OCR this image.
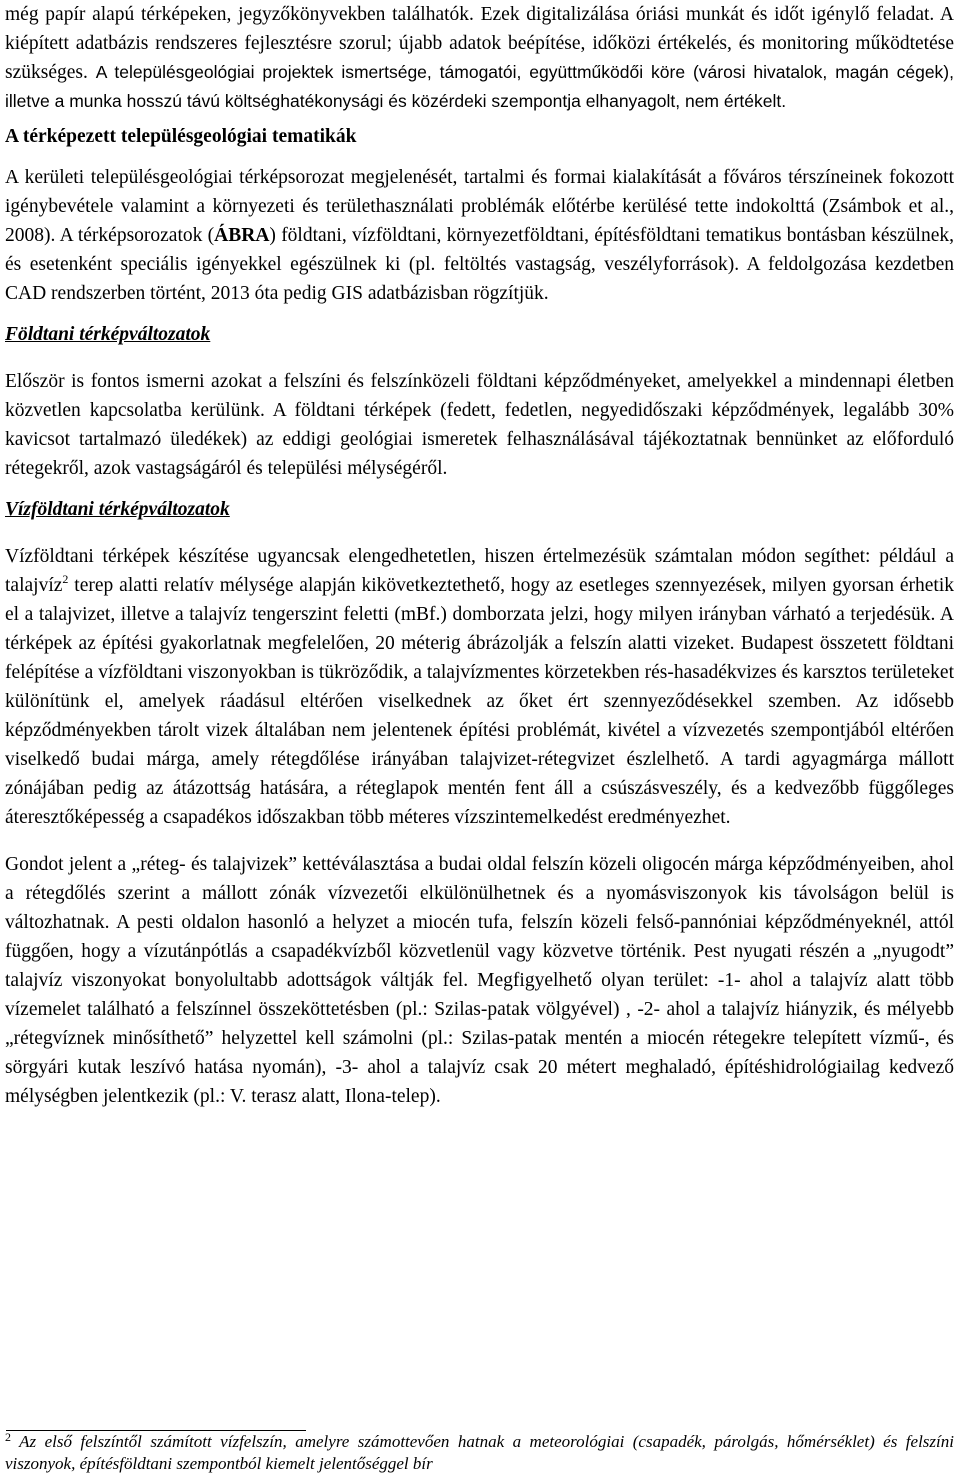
még papír alapú térképeken, jegyzőkönyvekben találhatók. Ezek digitalizálása óriási munkát és időt igénylő feladat. A kiépített adatbázis rendszeres fejlesztésre szorul; újabb adatok beépítése, időközi értékelés, és monitoring működtetése szükséges. A településgeológiai projektek ismertsége, támogatói, együttműködői köre (városi hivatalok, magán cégek), illetve a munka hosszú távú költséghatékonysági és közérdeki szempontja elhanyagolt, nem értékelt.

A térképezett településgeológiai tematikák

A kerületi településgeológiai térképsorozat megjelenését, tartalmi és formai kialakítását a főváros térszíneinek fokozott igénybevétele valamint a környezeti és területhasználati problémák előtérbe kerülésé tette indokolttá (Zsámbok et al., 2008). A térképsorozatok (ÁBRA) földtani, vízföldtani, környezetföldtani, építésföldtani tematikus bontásban készülnek, és esetenként speciális igényekkel egészülnek ki (pl. feltöltés vastagság, veszélyforrások). A feldolgozása kezdetben CAD rendszerben történt, 2013 óta pedig GIS adatbázisban rögzítjük.

Földtani térképváltozatok

Először is fontos ismerni azokat a felszíni és felszínközeli földtani képződményeket, amelyekkel a mindennapi életben közvetlen kapcsolatba kerülünk. A földtani térképek (fedett, fedetlen, negyedidőszaki képződmények, legalább 30% kavicsot tartalmazó üledékek) az eddigi geológiai ismeretek felhasználásával tájékoztatnak bennünket az előforduló rétegekről, azok vastagságáról és települési mélységéről.

Vízföldtani térképváltozatok

Vízföldtani térképek készítése ugyancsak elengedhetetlen, hiszen értelmezésük számtalan módon segíthet: például a talajvíz$^2$ terep alatti relatív mélysége alapján kikövetkeztethető, hogy az esetleges szennyezések, milyen gyorsan érhetik el a talajvizet, illetve a talajvíz tengerszint feletti (mBf.) domborzata jelzi, hogy milyen irányban várható a terjedésük. A térképek az építési gyakorlatnak megfelelően, 20 méterig ábrázolják a felszín alatti vizeket. Budapest összetett földtani felépítése a vízföldtani viszonyokban is tükröződik, a talajvízmentes körzetekben rés-hasadékvizes és karsztos területeket különítünk el, amelyek ráadásul eltérően viselkednek az őket ért szennyeződésekkel szemben. Az idősebb képződményekben tárolt vizek általában nem jelentenek építési problémát, kivétel a vízvezetés szempontjából eltérően viselkedő budai márga, amely rétegdőlése irányában talajvizet-rétegvizet észlelhető. A tardi agyagmárga mállott zónájában pedig az átázottság hatására, a réteglapok mentén fent áll a csúszásveszély, és a kedvezőbb függőleges áteresztőképesség a csapadékos időszakban több méteres vízszintemelkedést eredményezhet.

Gondot jelent a „réteg- és talajvizek” kettéválasztása a budai oldal felszín közeli oligocén márga képződményeiben, ahol a rétegdőlés szerint a mállott zónák vízvezetői elkülönülhetnek és a nyomásviszonyok kis távolságon belül is változhatnak. A pesti oldalon hasonló a helyzet a miocén tufa, felszín közeli felső-pannóniai képződményeknél, attól függően, hogy a vízutánpótlás a csapadékvízből közvetlenül vagy közvetve történik. Pest nyugati részén a „nyugodt” talajvíz viszonyokat bonyolultabb adottságok váltják fel. Megfigyelhető olyan terület: -1- ahol a talajvíz alatt több vízemelet található a felszínnel összeköttetésben (pl.: Szilas-patak völgyével) , -2- ahol a talajvíz hiányzik, és mélyebb „rétegvíznek minősíthető” helyzettel kell számolni (pl.: Szilas-patak mentén a miocén rétegekre telepített vízmű-, és sörgyári kutak leszívó hatása nyomán), -3- ahol a talajvíz csak 20 métert meghaladó, építéshidrológiailag kedvező mélységben jelentkezik (pl.: V. terasz alatt, Ilona-telep).

$^2$ Az első felszíntől számított vízfelszín, amelyre számottevően hatnak a meteorológiai (csapadék, párolgás, hőmérséklet) és felszíni viszonyok, építésföldtani szempontból kiemelt jelentőséggel bír
